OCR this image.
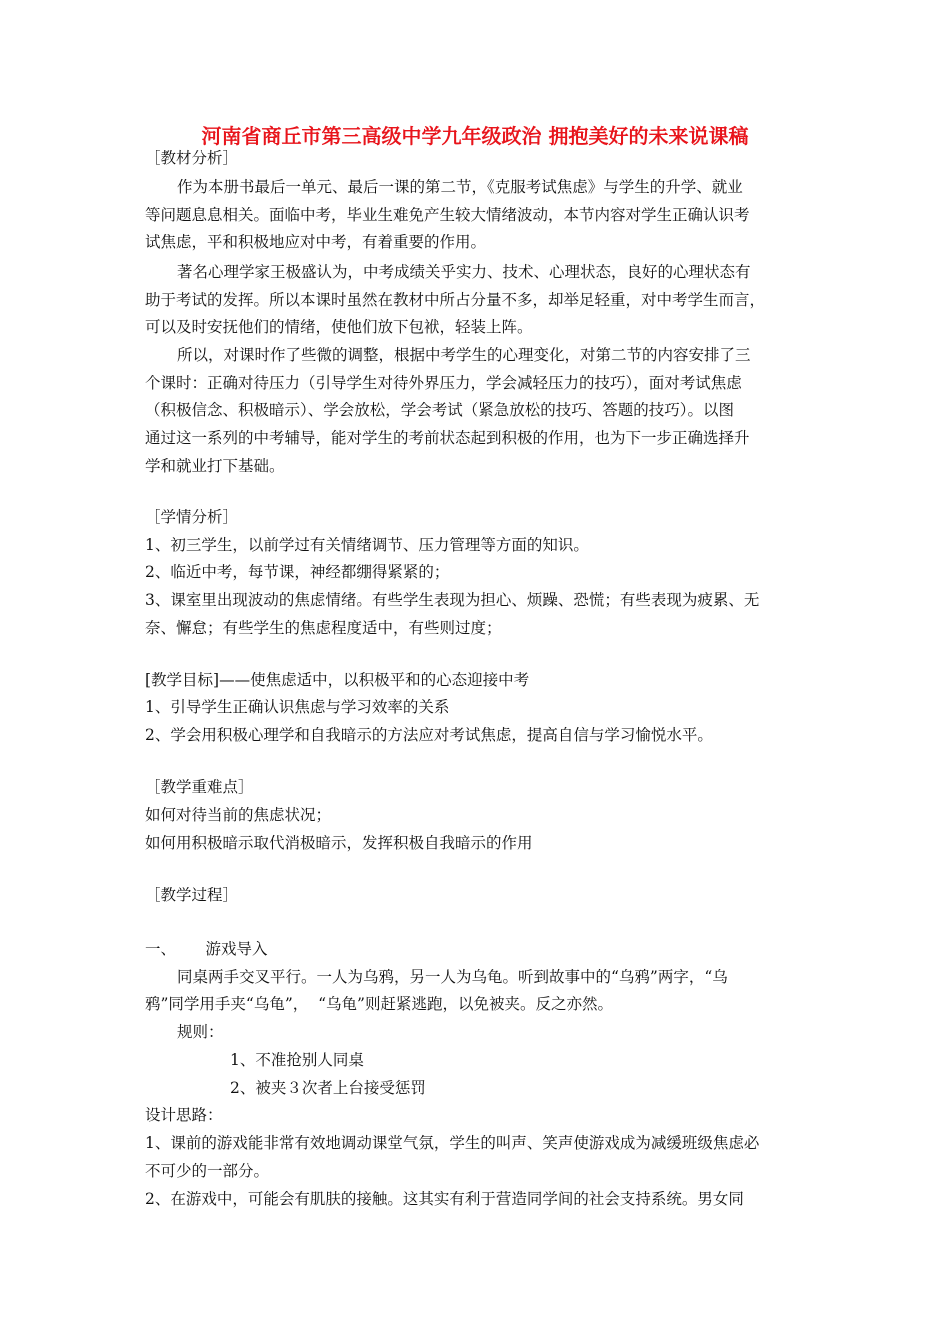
河南省商丘市第三高级中学九年级政治 拥抱美好的未来说课稿
［教材分析］
作为本册书最后一单元、最后一课的第二节，《克服考试焦虑》与学生的升学、就业
等问题息息相关。面临中考，毕业生难免产生较大情绪波动，本节内容对学生正确认识考
试焦虑，平和积极地应对中考，有着重要的作用。
著名心理学家王极盛认为，中考成绩关乎实力、技术、心理状态，良好的心理状态有
助于考试的发挥。所以本课时虽然在教材中所占分量不多，却举足轻重，对中考学生而言，
可以及时安抚他们的情绪，使他们放下包袱，轻装上阵。
所以，对课时作了些微的调整，根据中考学生的心理变化，对第二节的内容安排了三
个课时：正确对待压力（引导学生对待外界压力，学会减轻压力的技巧），面对考试焦虑
（积极信念、积极暗示）、学会放松，学会考试（紧急放松的技巧、答题的技巧）。以图
通过这一系列的中考辅导，能对学生的考前状态起到积极的作用，也为下一步正确选择升
学和就业打下基础。
［学情分析］
1、初三学生，以前学过有关情绪调节、压力管理等方面的知识。
2、临近中考，每节课，神经都绷得紧紧的；
3、课室里出现波动的焦虑情绪。有些学生表现为担心、烦躁、恐慌；有些表现为疲累、无
奈、懈怠；有些学生的焦虑程度适中，有些则过度；
[教学目标]——使焦虑适中，以积极平和的心态迎接中考
1、引导学生正确认识焦虑与学习效率的关系
2、学会用积极心理学和自我暗示的方法应对考试焦虑，提高自信与学习愉悦水平。
［教学重难点］
如何对待当前的焦虑状况；
如何用积极暗示取代消极暗示，发挥积极自我暗示的作用
［教学过程］
一、      游戏导入
同桌两手交叉平行。一人为乌鸦，另一人为乌龟。听到故事中的“乌鸦”两字，“乌
鸦”同学用手夹“乌龟”，  “乌龟”则赶紧逃跑，以免被夹。反之亦然。
规则：
1、不准抢别人同桌
2、被夹３次者上台接受惩罚
设计思路：
1、课前的游戏能非常有效地调动课堂气氛，学生的叫声、笑声使游戏成为减缓班级焦虑必
不可少的一部分。
2、在游戏中，可能会有肌肤的接触。这其实有利于营造同学间的社会支持系统。男女同
